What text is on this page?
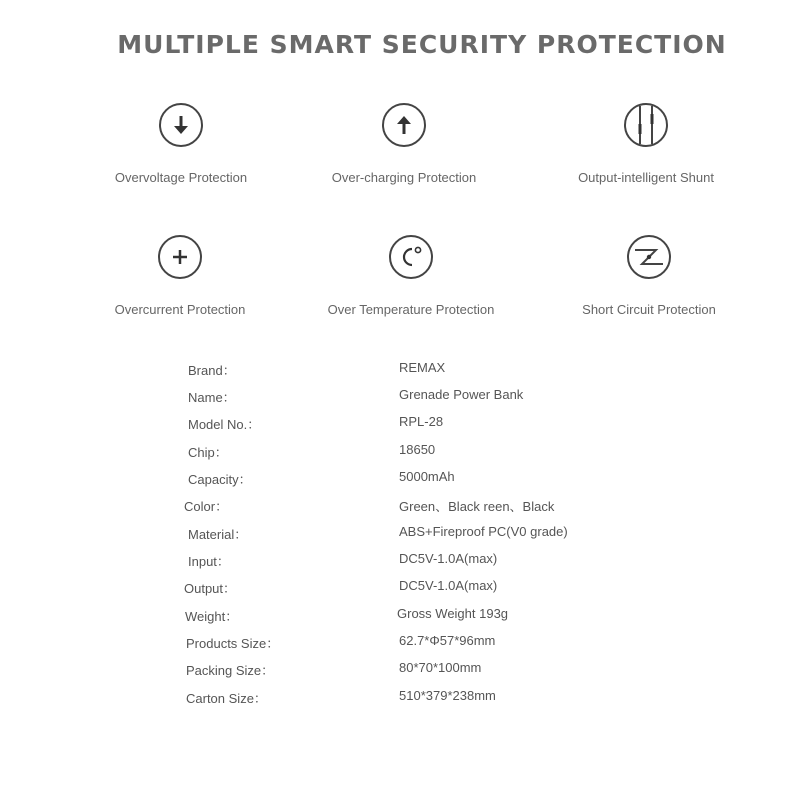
MULTIPLE SMART SECURITY PROTECTION
Overvoltage Protection	Over-charging Protection	Output-intelligent Shunt
Overcurrent Protection	Over Temperature Protection	Short Circuit Protection
Brand：	REMAX
Name：	Grenade Power Bank
Model No.：	RPL-28
Chip：	18650
Capacity：	5000mAh
Color：	Green、Black reen、Black
Material：	ABS+Fireproof PC(V0 grade)
Input：	DC5V-1.0A(max)
Output：	DC5V-1.0A(max)
Weight：	Gross Weight 193g
Products Size：	62.7*Φ57*96mm
Packing Size：	80*70*100mm
Carton Size：	510*379*238mm
